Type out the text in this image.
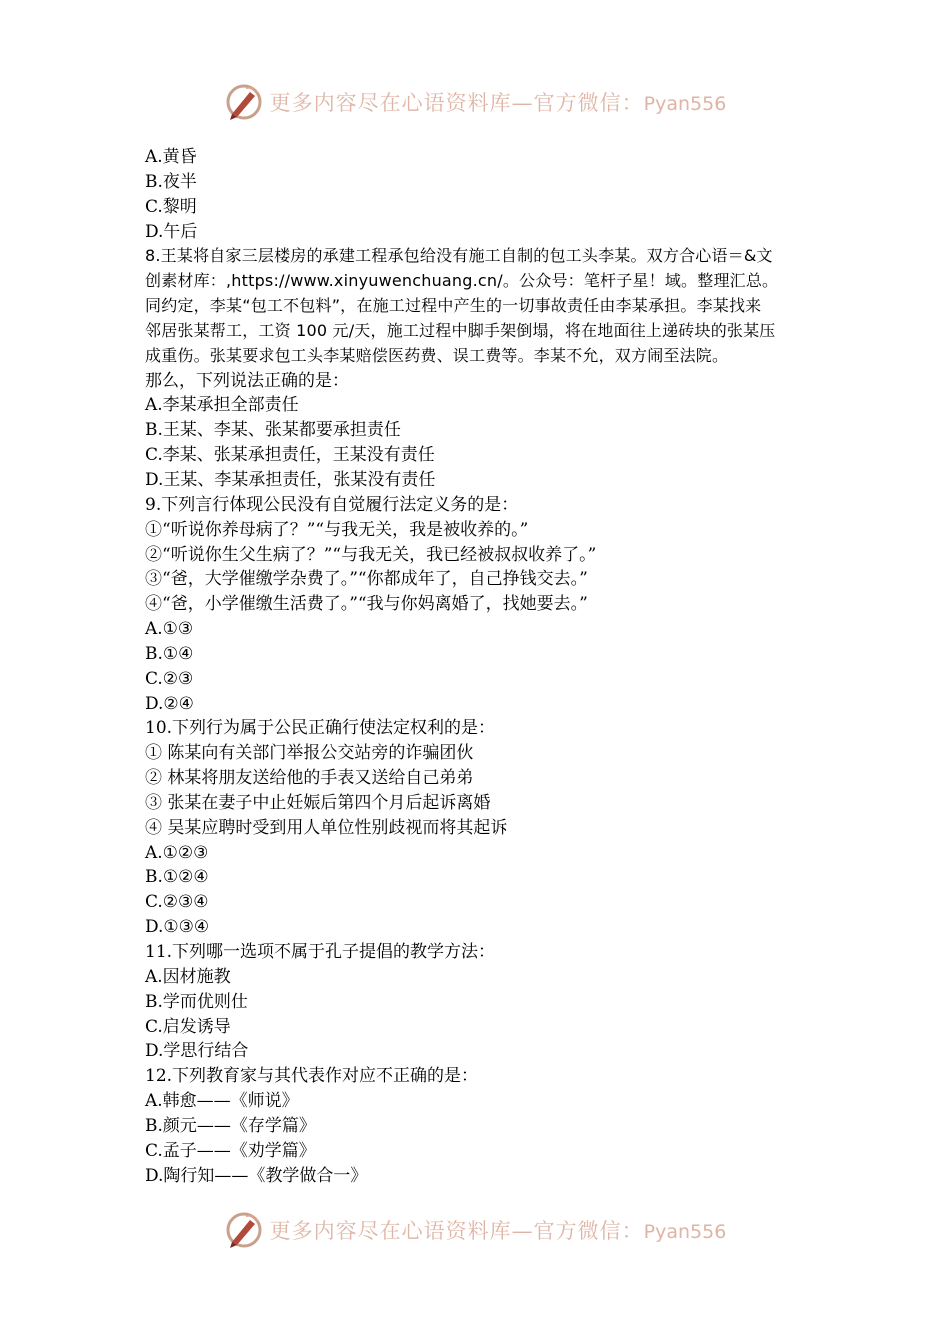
更多内容尽在心语资料库—官方微信：Pyan556
A.黄昏
B.夜半
C.黎明
D.午后
8.王某将自家三层楼房的承建工程承包给没有施工自制的包工头李某。双方合心语＝&文
创素材库：,https://www.xinyuwenchuang.cn/。公众号：笔杆子星！域。整理汇总。
同约定，李某“包工不包料”，在施工过程中产生的一切事故责任由李某承担。李某找来
邻居张某帮工，工资 100 元/天，施工过程中脚手架倒塌，将在地面往上递砖块的张某压
成重伤。张某要求包工头李某赔偿医药费、误工费等。李某不允，双方闹至法院。
那么，下列说法正确的是：
A.李某承担全部责任
B.王某、李某、张某都要承担责任
C.李某、张某承担责任，王某没有责任
D.王某、李某承担责任，张某没有责任
9.下列言行体现公民没有自觉履行法定义务的是：
①“听说你养母病了？”“与我无关，我是被收养的。”
②“听说你生父生病了？”“与我无关，我已经被叔叔收养了。”
③“爸，大学催缴学杂费了。”“你都成年了，自己挣钱交去。”
④“爸，小学催缴生活费了。”“我与你妈离婚了，找她要去。”
A.①③
B.①④
C.②③
D.②④
10.下列行为属于公民正确行使法定权利的是：
① 陈某向有关部门举报公交站旁的诈骗团伙
② 林某将朋友送给他的手表又送给自己弟弟
③ 张某在妻子中止妊娠后第四个月后起诉离婚
④ 吴某应聘时受到用人单位性别歧视而将其起诉
A.①②③
B.①②④
C.②③④
D.①③④
11.下列哪一选项不属于孔子提倡的教学方法：
A.因材施教
B.学而优则仕
C.启发诱导
D.学思行结合
12.下列教育家与其代表作对应不正确的是：
A.韩愈——《师说》
B.颜元——《存学篇》
C.孟子——《劝学篇》
D.陶行知——《教学做合一》
更多内容尽在心语资料库—官方微信：Pyan556
